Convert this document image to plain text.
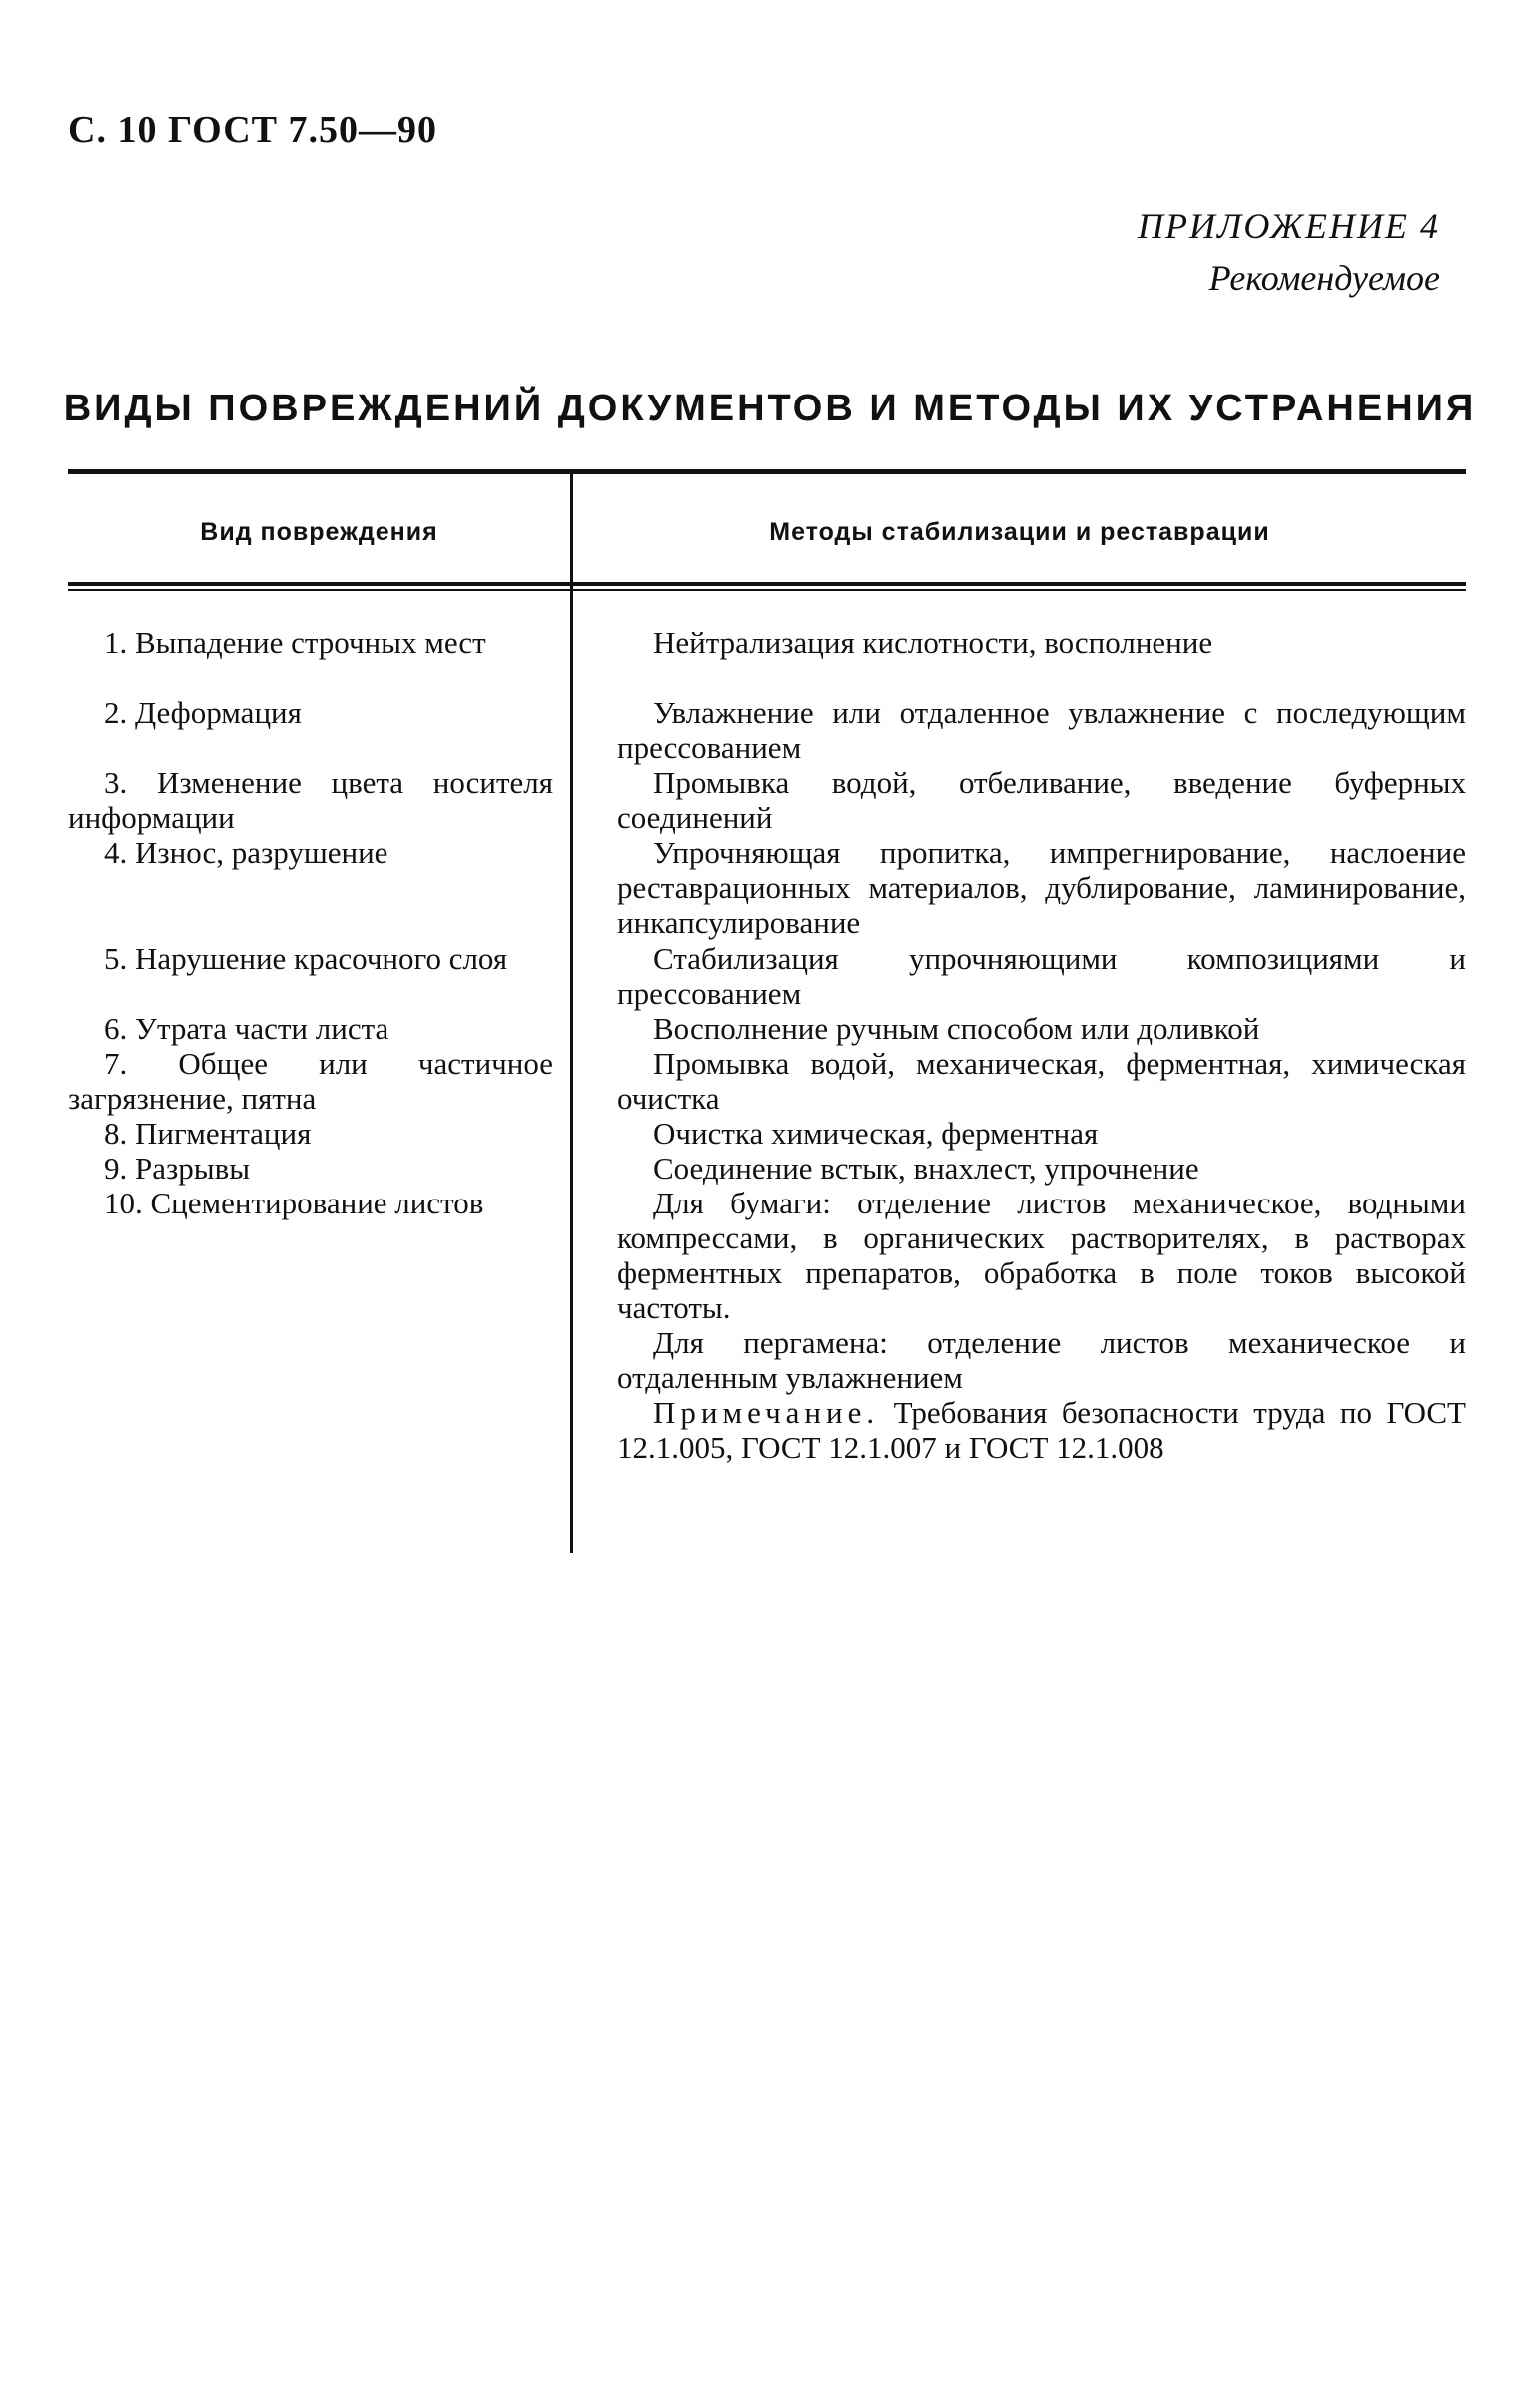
С. 10 ГОСТ 7.50—90
ПРИЛОЖЕНИЕ 4
Рекомендуемое
ВИДЫ ПОВРЕЖДЕНИЙ ДОКУМЕНТОВ И МЕТОДЫ ИХ УСТРАНЕНИЯ
Вид повреждения	Методы стабилизации и реставрации
1. Выпадение строчных мест
2. Деформация
3. Изменение цвета носителя информации
4. Износ, разрушение
5. Нарушение красочного слоя
6. Утрата части листа
7. Общее или частичное загрязнение, пятна
8. Пигментация
9. Разрывы
10. Сцементирование листов
Нейтрализация кислотности, восполнение
Увлажнение или отдаленное увлажнение с последующим прессованием
Промывка водой, отбеливание, введение буферных соединений
Упрочняющая пропитка, импрегнирование, наслоение реставрационных материалов, дублирование, ламинирование, инкапсулирование
Стабилизация упрочняющими композициями и прессованием
Восполнение ручным способом или доливкой
Промывка водой, механическая, ферментная, химическая очистка
Очистка химическая, ферментная
Соединение встык, внахлест, упрочнение
Для бумаги: отделение листов механическое, водными компрессами, в органических растворителях, в растворах ферментных препаратов, обработка в поле токов высокой частоты.
Для пергамена: отделение листов механическое и отдаленным увлажнением
Примечание. Требования безопасности труда по ГОСТ 12.1.005, ГОСТ 12.1.007 и ГОСТ 12.1.008
